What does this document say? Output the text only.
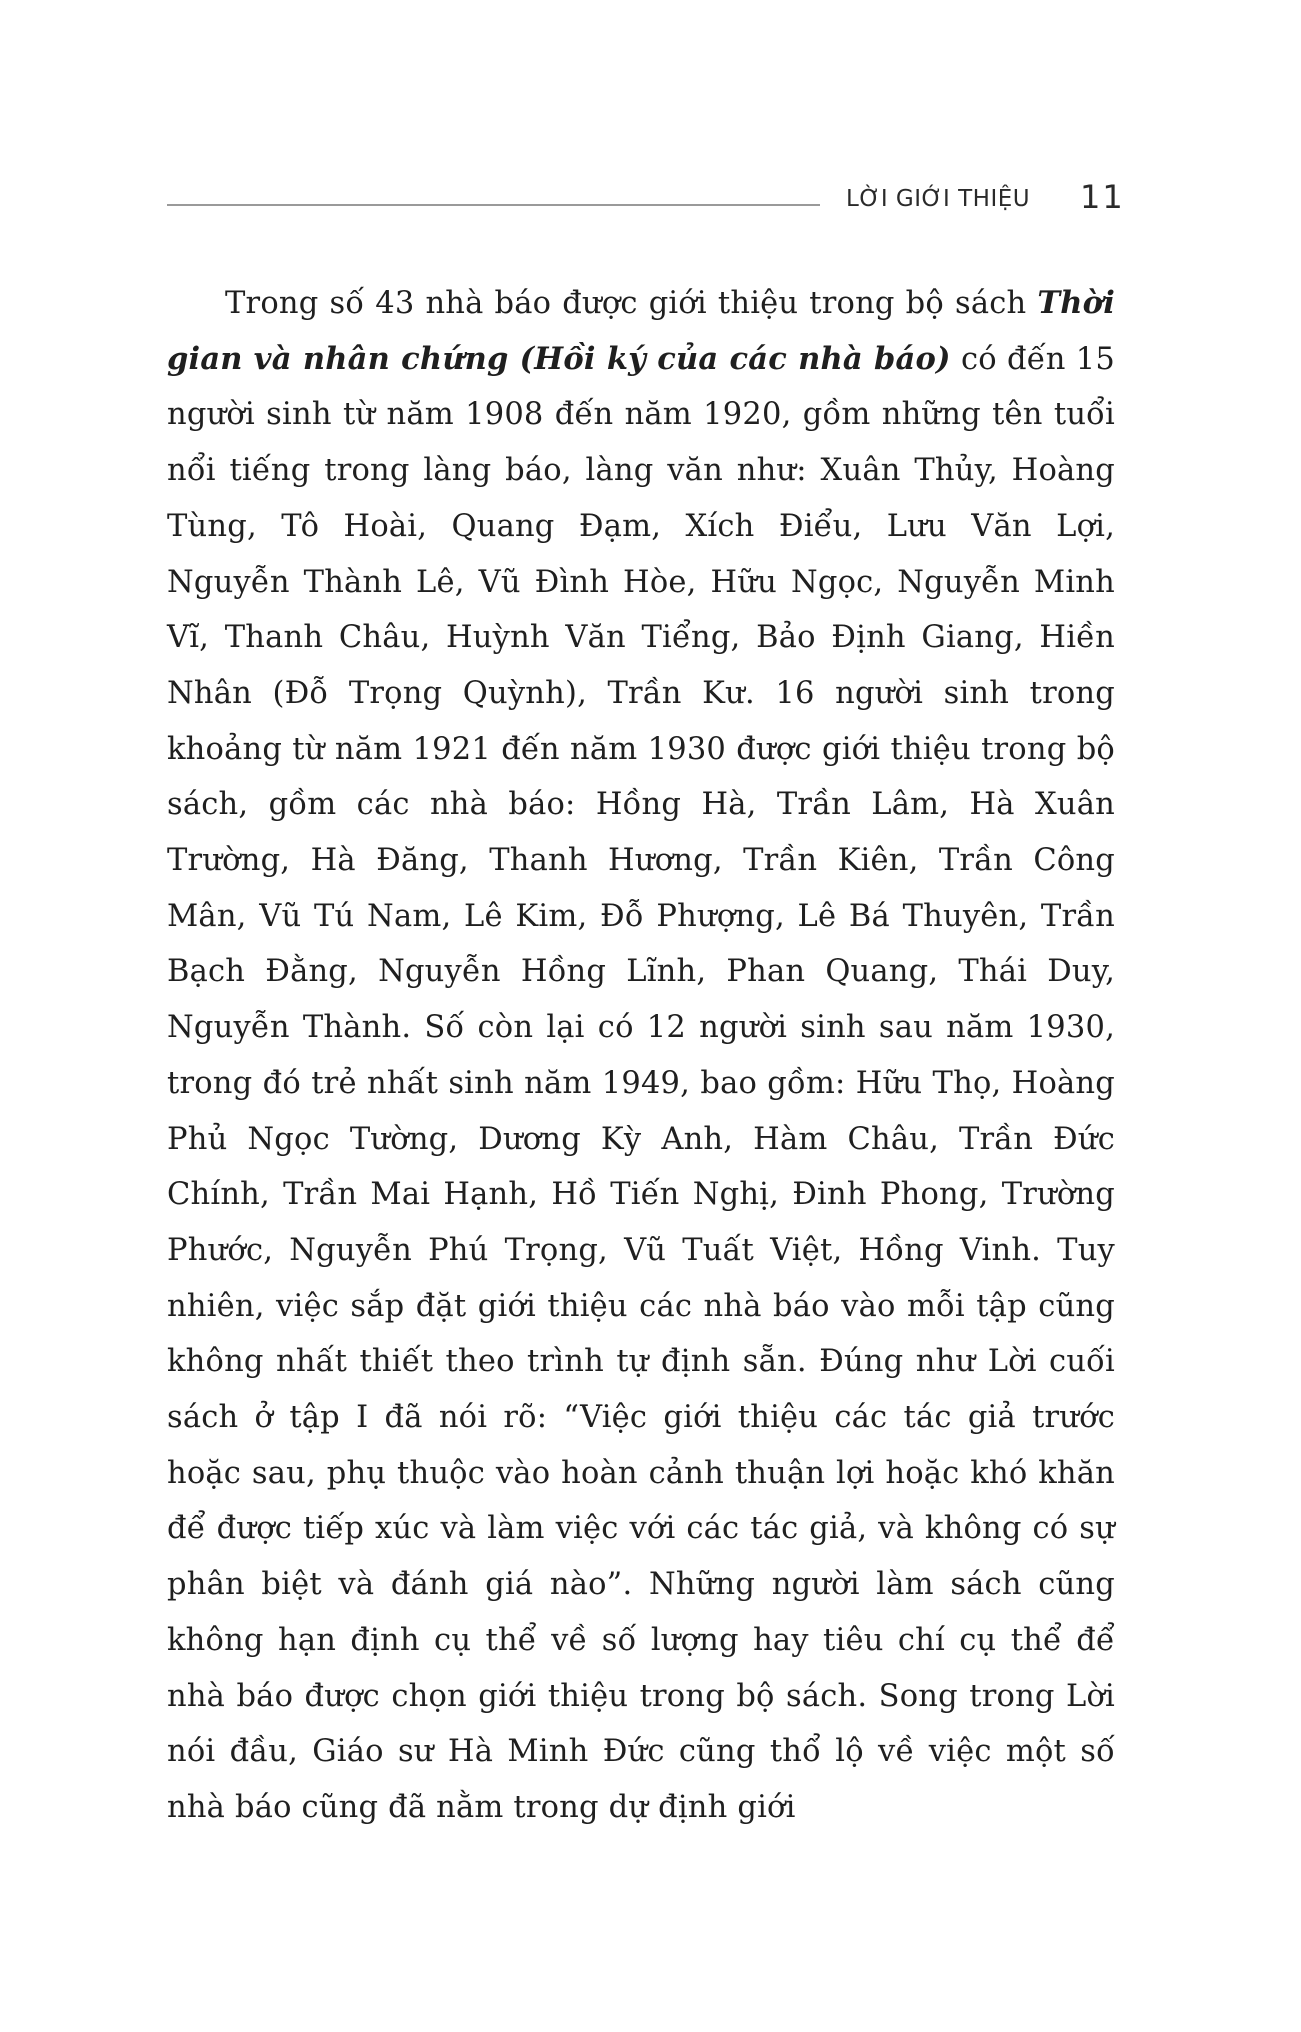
LỜI GIỚI THIỆU 11

Trong số 43 nhà báo được giới thiệu trong bộ sách Thời gian và nhân chứng (Hồi ký của các nhà báo) có đến 15 người sinh từ năm 1908 đến năm 1920, gồm những tên tuổi nổi tiếng trong làng báo, làng văn như: Xuân Thủy, Hoàng Tùng, Tô Hoài, Quang Đạm, Xích Điểu, Lưu Văn Lợi, Nguyễn Thành Lê, Vũ Đình Hòe, Hữu Ngọc, Nguyễn Minh Vĩ, Thanh Châu, Huỳnh Văn Tiểng, Bảo Định Giang, Hiền Nhân (Đỗ Trọng Quỳnh), Trần Kư. 16 người sinh trong khoảng từ năm 1921 đến năm 1930 được giới thiệu trong bộ sách, gồm các nhà báo: Hồng Hà, Trần Lâm, Hà Xuân Trường, Hà Đăng, Thanh Hương, Trần Kiên, Trần Công Mân, Vũ Tú Nam, Lê Kim, Đỗ Phượng, Lê Bá Thuyên, Trần Bạch Đằng, Nguyễn Hồng Lĩnh, Phan Quang, Thái Duy, Nguyễn Thành. Số còn lại có 12 người sinh sau năm 1930, trong đó trẻ nhất sinh năm 1949, bao gồm: Hữu Thọ, Hoàng Phủ Ngọc Tường, Dương Kỳ Anh, Hàm Châu, Trần Đức Chính, Trần Mai Hạnh, Hồ Tiến Nghị, Đinh Phong, Trường Phước, Nguyễn Phú Trọng, Vũ Tuất Việt, Hồng Vinh. Tuy nhiên, việc sắp đặt giới thiệu các nhà báo vào mỗi tập cũng không nhất thiết theo trình tự định sẵn. Đúng như Lời cuối sách ở tập I đã nói rõ: “Việc giới thiệu các tác giả trước hoặc sau, phụ thuộc vào hoàn cảnh thuận lợi hoặc khó khăn để được tiếp xúc và làm việc với các tác giả, và không có sự phân biệt và đánh giá nào”. Những người làm sách cũng không hạn định cụ thể về số lượng hay tiêu chí cụ thể để nhà báo được chọn giới thiệu trong bộ sách. Song trong Lời nói đầu, Giáo sư Hà Minh Đức cũng thổ lộ về việc một số nhà báo cũng đã nằm trong dự định giới
